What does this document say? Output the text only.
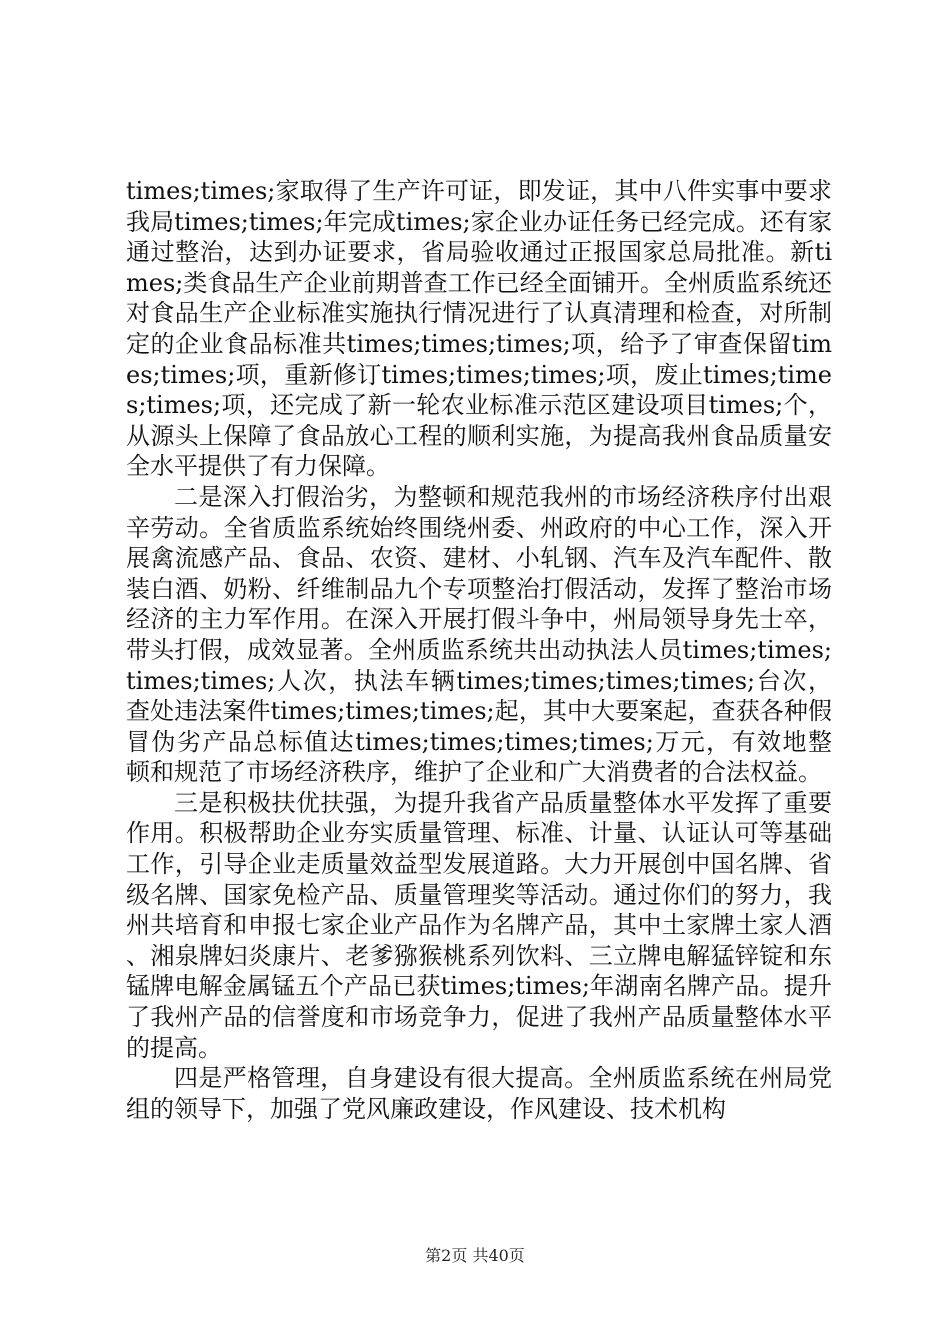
times;times;家取得了生产许可证，即发证，其中八件实事中要求我局times;times;年完成times;家企业办证任务已经完成。还有家通过整治，达到办证要求，省局验收通过正报国家总局批准。新times;类食品生产企业前期普查工作已经全面铺开。全州质监系统还对食品生产企业标准实施执行情况进行了认真清理和检查，对所制定的企业食品标准共times;times;times;项，给予了审查保留times;times;项，重新修订times;times;times;项，废止times;times;times;项，还完成了新一轮农业标准示范区建设项目times;个，从源头上保障了食品放心工程的顺利实施，为提高我州食品质量安全水平提供了有力保障。

二是深入打假治劣，为整顿和规范我州的市场经济秩序付出艰辛劳动。全省质监系统始终围绕州委、州政府的中心工作，深入开展禽流感产品、食品、农资、建材、小轧钢、汽车及汽车配件、散装白酒、奶粉、纤维制品九个专项整治打假活动，发挥了整治市场经济的主力军作用。在深入开展打假斗争中，州局领导身先士卒，带头打假，成效显著。全州质监系统共出动执法人员times;times;times;times;人次，执法车辆times;times;times;times;台次，查处违法案件times;times;times;起，其中大要案起，查获各种假冒伪劣产品总标值达times;times;times;times;万元，有效地整顿和规范了市场经济秩序，维护了企业和广大消费者的合法权益。

三是积极扶优扶强，为提升我省产品质量整体水平发挥了重要作用。积极帮助企业夯实质量管理、标准、计量、认证认可等基础工作，引导企业走质量效益型发展道路。大力开展创中国名牌、省级名牌、国家免检产品、质量管理奖等活动。通过你们的努力，我州共培育和申报七家企业产品作为名牌产品，其中土家牌土家人酒、湘泉牌妇炎康片、老爹猕猴桃系列饮料、三立牌电解猛锌锭和东锰牌电解金属锰五个产品已获times;times;年湖南名牌产品。提升了我州产品的信誉度和市场竞争力，促进了我州产品质量整体水平的提高。

四是严格管理，自身建设有很大提高。全州质监系统在州局党组的领导下，加强了党风廉政建设，作风建设、技术机构

第2页 共40页
